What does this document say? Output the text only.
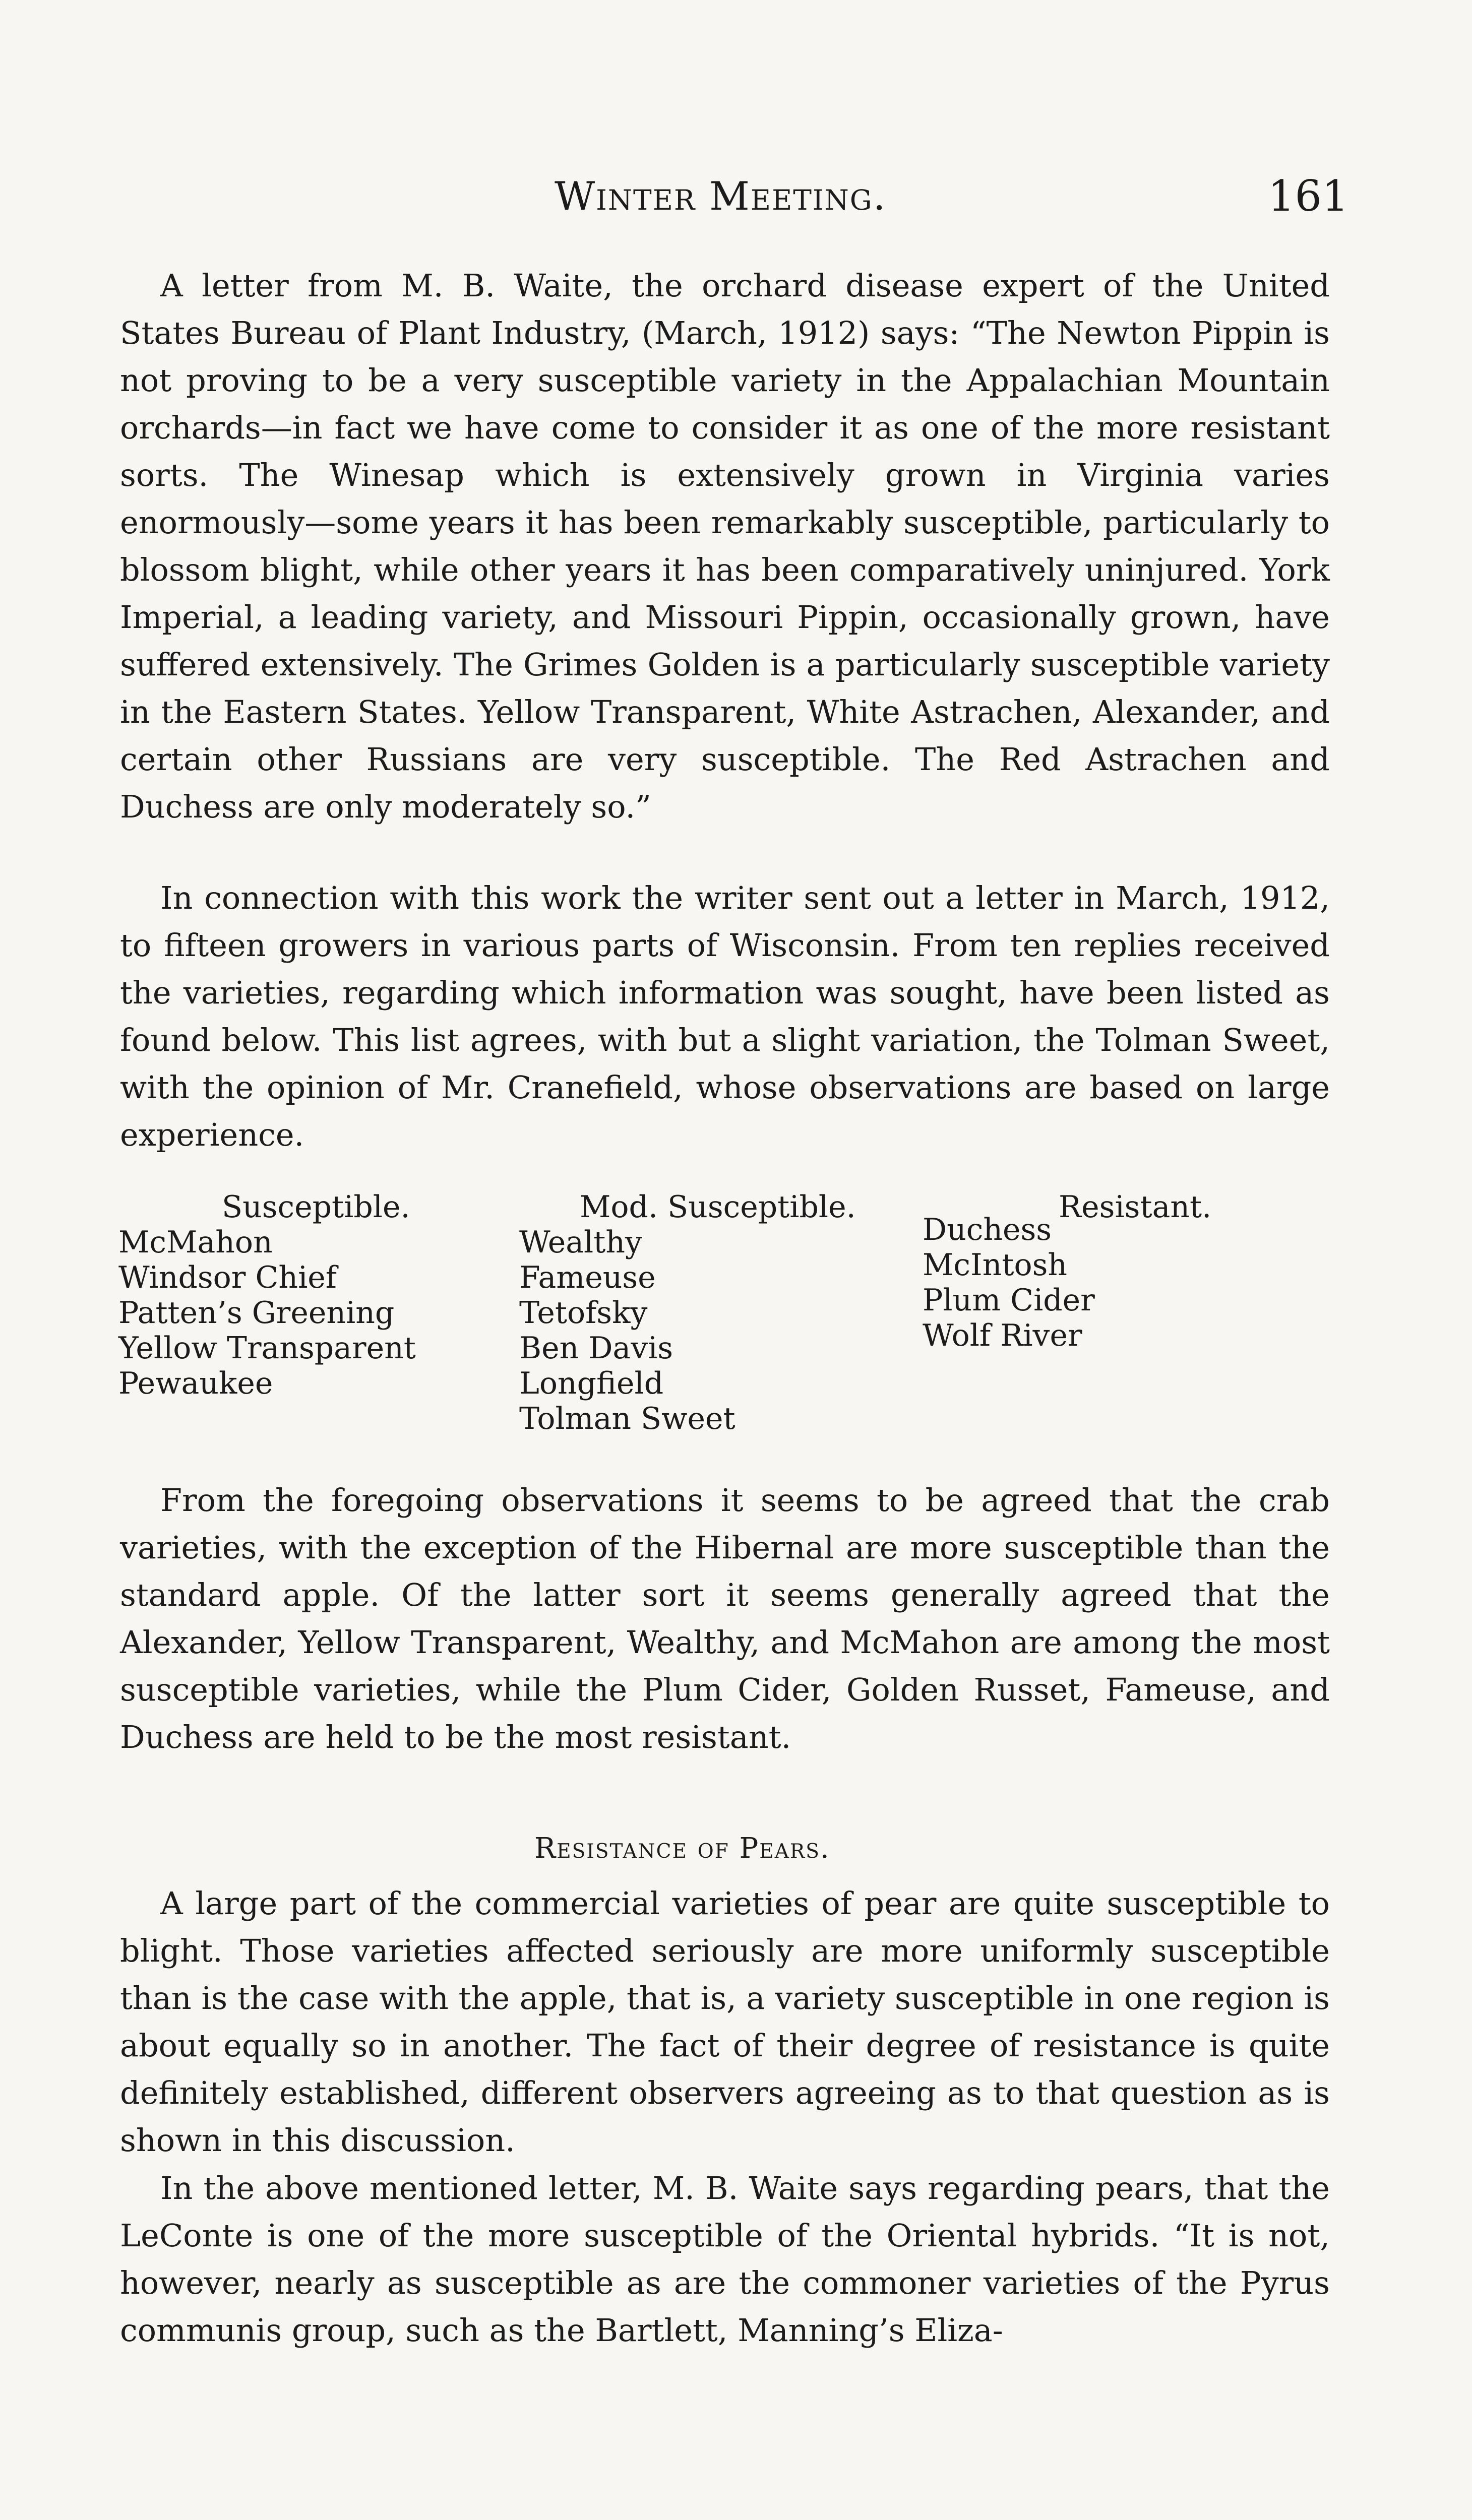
Winter Meeting.	161

A letter from M. B. Waite, the orchard disease expert of the United States Bureau of Plant Industry, (March, 1912) says: “The Newton Pippin is not proving to be a very susceptible variety in the Appalachian Mountain orchards—in fact we have come to consider it as one of the more resistant sorts. The Winesap which is extensively grown in Virginia varies enormously—some years it has been remarkably susceptible, particularly to blossom blight, while other years it has been comparatively uninjured. York Imperial, a leading variety, and Missouri Pippin, occasionally grown, have suffered extensively. The Grimes Golden is a particularly susceptible variety in the Eastern States. Yellow Transparent, White Astrachen, Alexander, and certain other Russians are very susceptible. The Red Astrachen and Duchess are only moderately so.”

In connection with this work the writer sent out a letter in March, 1912, to fifteen growers in various parts of Wisconsin. From ten replies received the varieties, regarding which information was sought, have been listed as found below. This list agrees, with but a slight variation, the Tolman Sweet, with the opinion of Mr. Cranefield, whose observations are based on large experience.

Susceptible.
McMahon
Windsor Chief
Patten’s Greening
Yellow Transparent
Pewaukee
Mod. Susceptible.
Wealthy
Fameuse
Tetofsky
Ben Davis
Longfield
Tolman Sweet
Resistant.
Duchess
McIntosh
Plum Cider
Wolf River

From the foregoing observations it seems to be agreed that the crab varieties, with the exception of the Hibernal are more susceptible than the standard apple. Of the latter sort it seems generally agreed that the Alexander, Yellow Transparent, Wealthy, and McMahon are among the most susceptible varieties, while the Plum Cider, Golden Russet, Fameuse, and Duchess are held to be the most resistant.

Resistance of Pears.

A large part of the commercial varieties of pear are quite susceptible to blight. Those varieties affected seriously are more uniformly susceptible than is the case with the apple, that is, a variety susceptible in one region is about equally so in another. The fact of their degree of resistance is quite definitely established, different observers agreeing as to that question as is shown in this discussion.

In the above mentioned letter, M. B. Waite says regarding pears, that the LeConte is one of the more susceptible of the Oriental hybrids. “It is not, however, nearly as susceptible as are the commoner varieties of the Pyrus communis group, such as the Bartlett, Manning’s Eliza-
